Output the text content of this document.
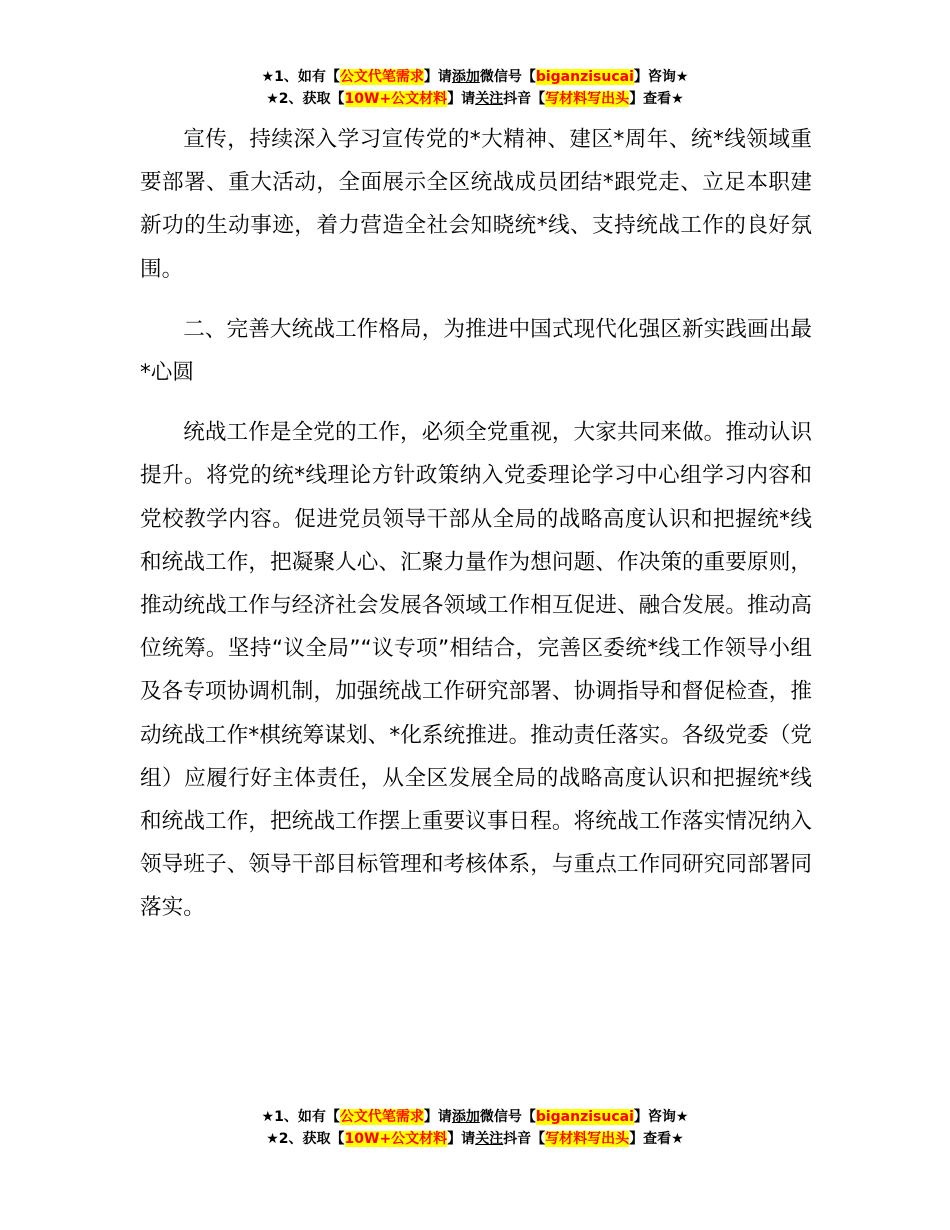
★1、如有【公文代笔需求】请添加微信号【biganzisucai】咨询★
★2、获取【10W+公文材料】请关注抖音【写材料写出头】查看★

宣传，持续深入学习宣传党的*大精神、建区*周年、统*线领域重要部署、重大活动，全面展示全区统战成员团结*跟党走、立足本职建新功的生动事迹，着力营造全社会知晓统*线、支持统战工作的良好氛围。

二、完善大统战工作格局，为推进中国式现代化强区新实践画出最*心圆

统战工作是全党的工作，必须全党重视，大家共同来做。推动认识提升。将党的统*线理论方针政策纳入党委理论学习中心组学习内容和党校教学内容。促进党员领导干部从全局的战略高度认识和把握统*线和统战工作，把凝聚人心、汇聚力量作为想问题、作决策的重要原则，推动统战工作与经济社会发展各领域工作相互促进、融合发展。推动高位统筹。坚持“议全局”“议专项”相结合，完善区委统*线工作领导小组及各专项协调机制，加强统战工作研究部署、协调指导和督促检查，推动统战工作*棋统筹谋划、*化系统推进。推动责任落实。各级党委（党组）应履行好主体责任，从全区发展全局的战略高度认识和把握统*线和统战工作，把统战工作摆上重要议事日程。将统战工作落实情况纳入领导班子、领导干部目标管理和考核体系，与重点工作同研究同部署同落实。

★1、如有【公文代笔需求】请添加微信号【biganzisucai】咨询★
★2、获取【10W+公文材料】请关注抖音【写材料写出头】查看★
